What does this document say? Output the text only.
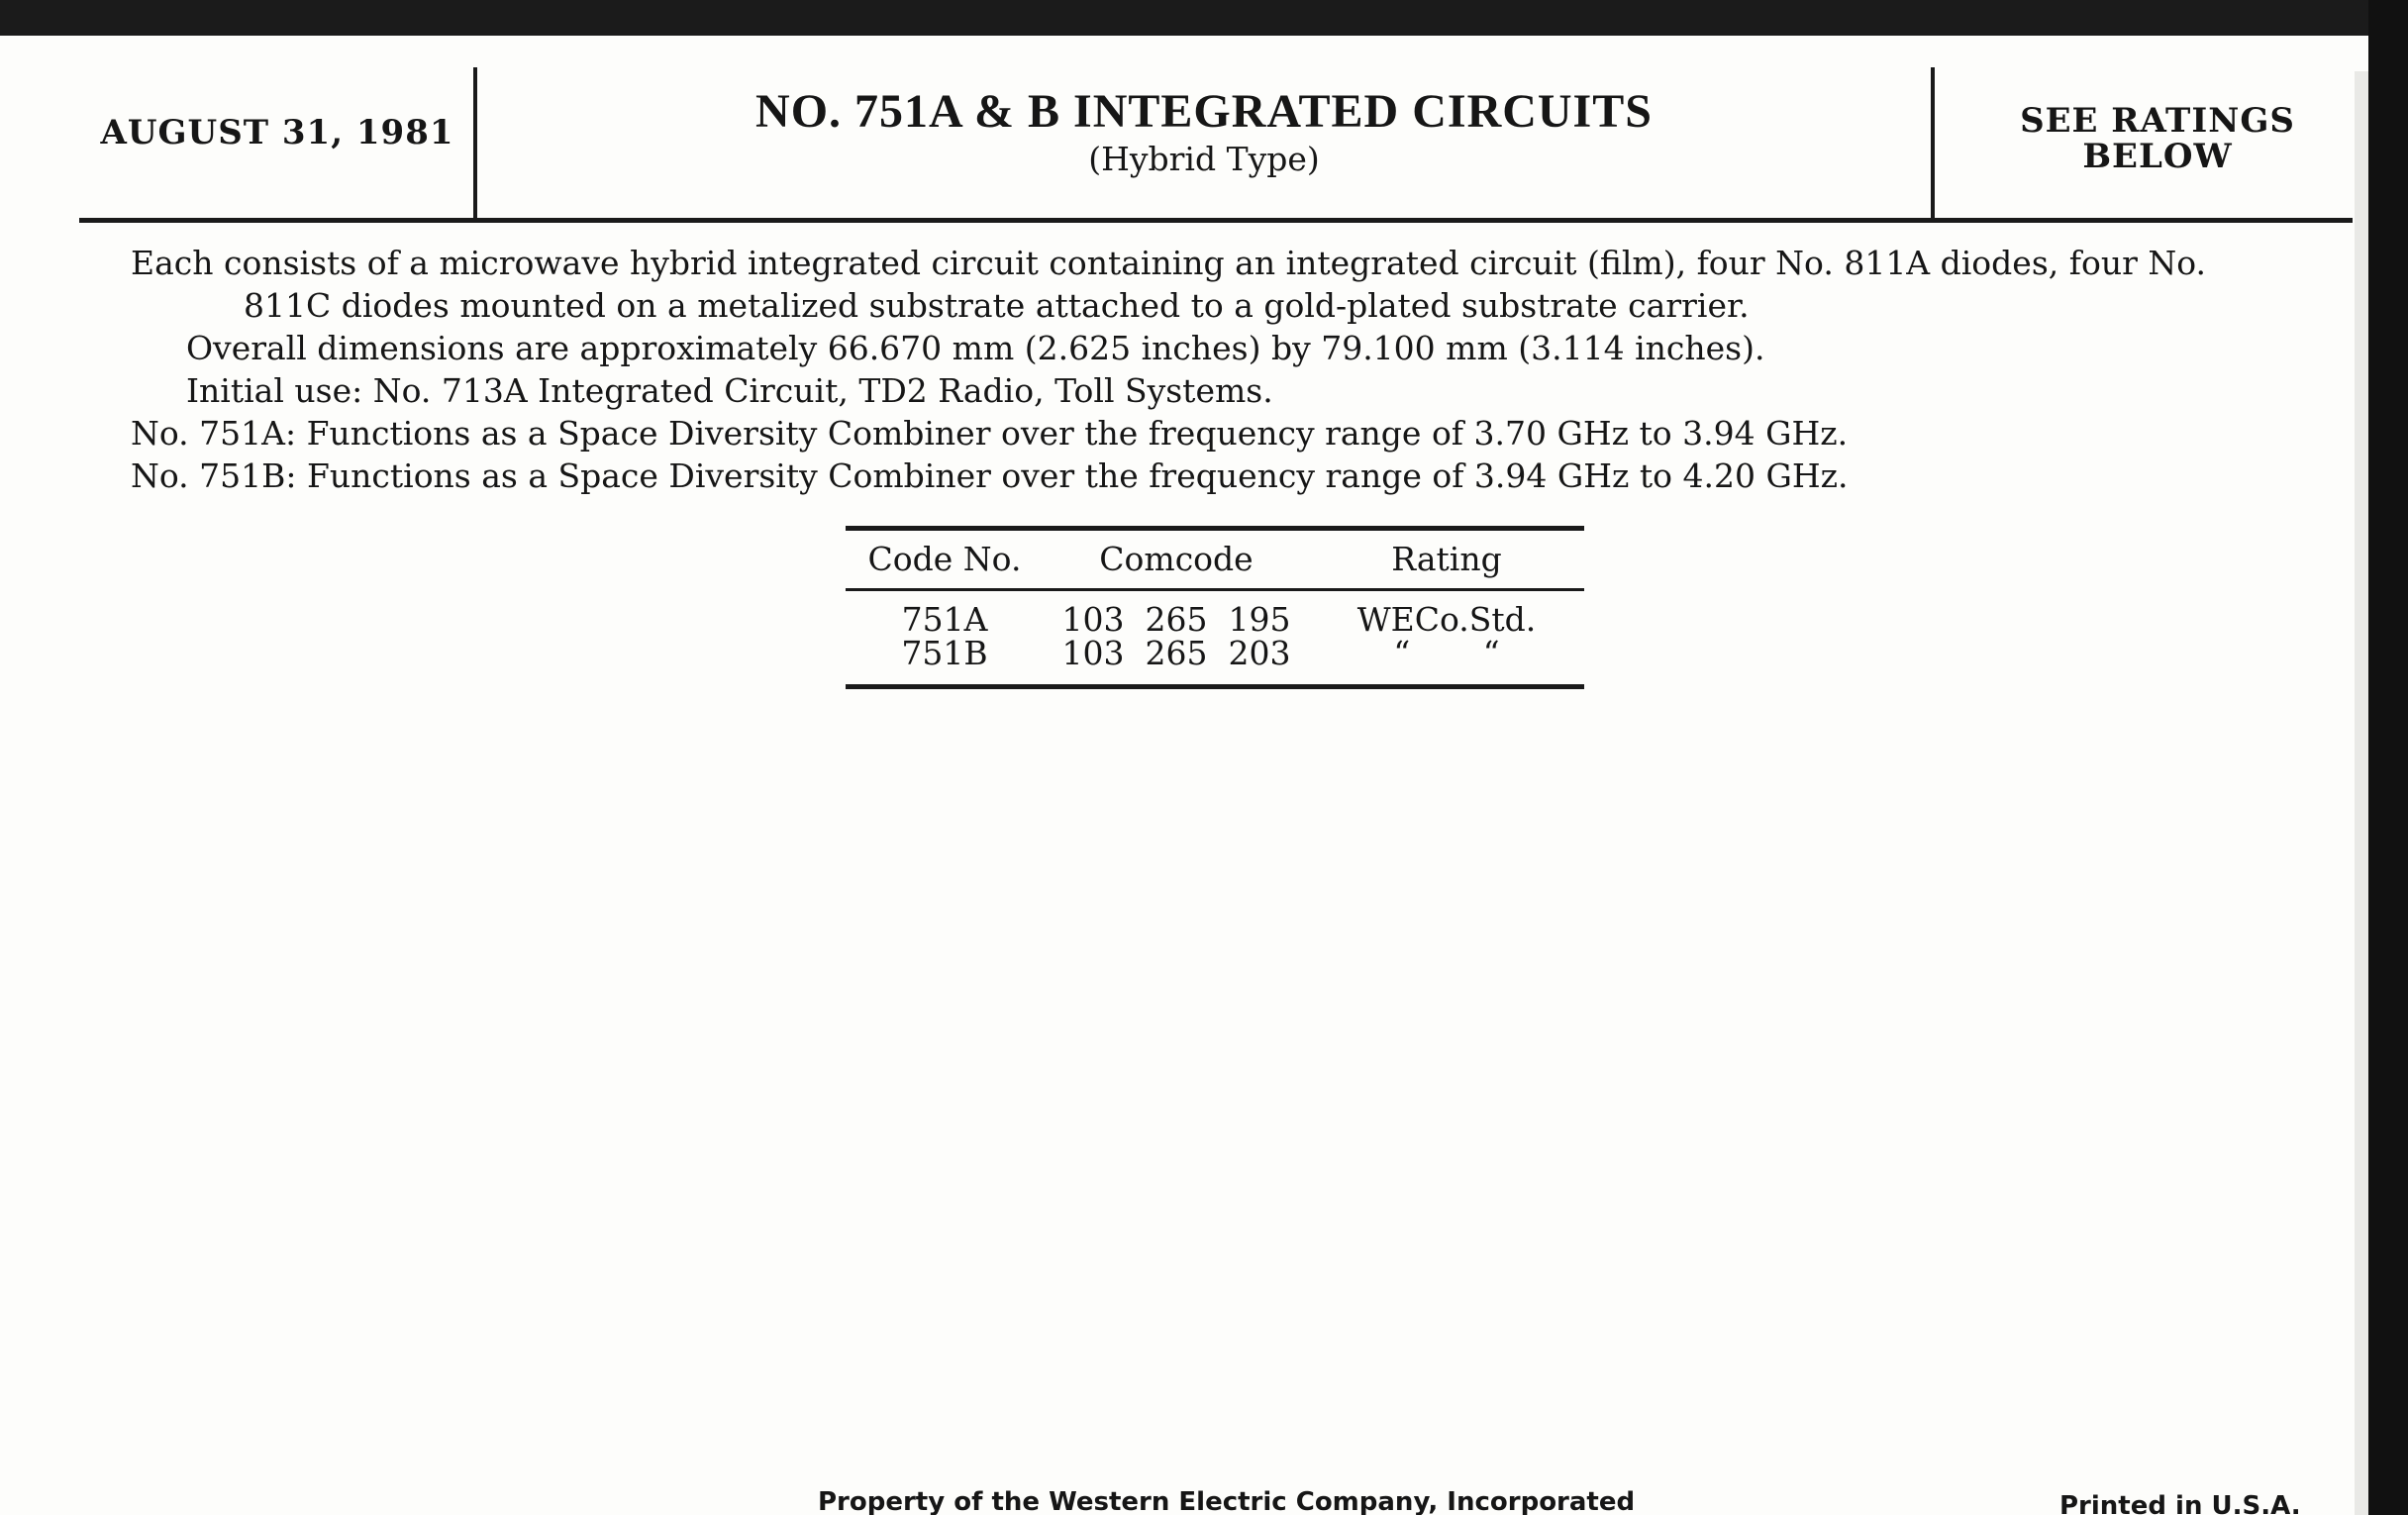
AUGUST 31, 1981	NO. 751A & B INTEGRATED CIRCUITS
(Hybrid Type)
SEE RATINGS
BELOW
Each consists of a microwave hybrid integrated circuit containing an integrated circuit (film), four No. 811A diodes, four No.
811C diodes mounted on a metalized substrate attached to a gold-plated substrate carrier.
Overall dimensions are approximately 66.670 mm (2.625 inches) by 79.100 mm (3.114 inches).
Initial use: No. 713A Integrated Circuit, TD2 Radio, Toll Systems.
No. 751A: Functions as a Space Diversity Combiner over the frequency range of 3.70 GHz to 3.94 GHz.
No. 751B: Functions as a Space Diversity Combiner over the frequency range of 3.94 GHz to 4.20 GHz.
Code No.	Comcode	Rating
751A	103  265  195	WECo.Std.
751B	103  265  203	“       “
Property of the Western Electric Company, Incorporated	Printed in U.S.A.
